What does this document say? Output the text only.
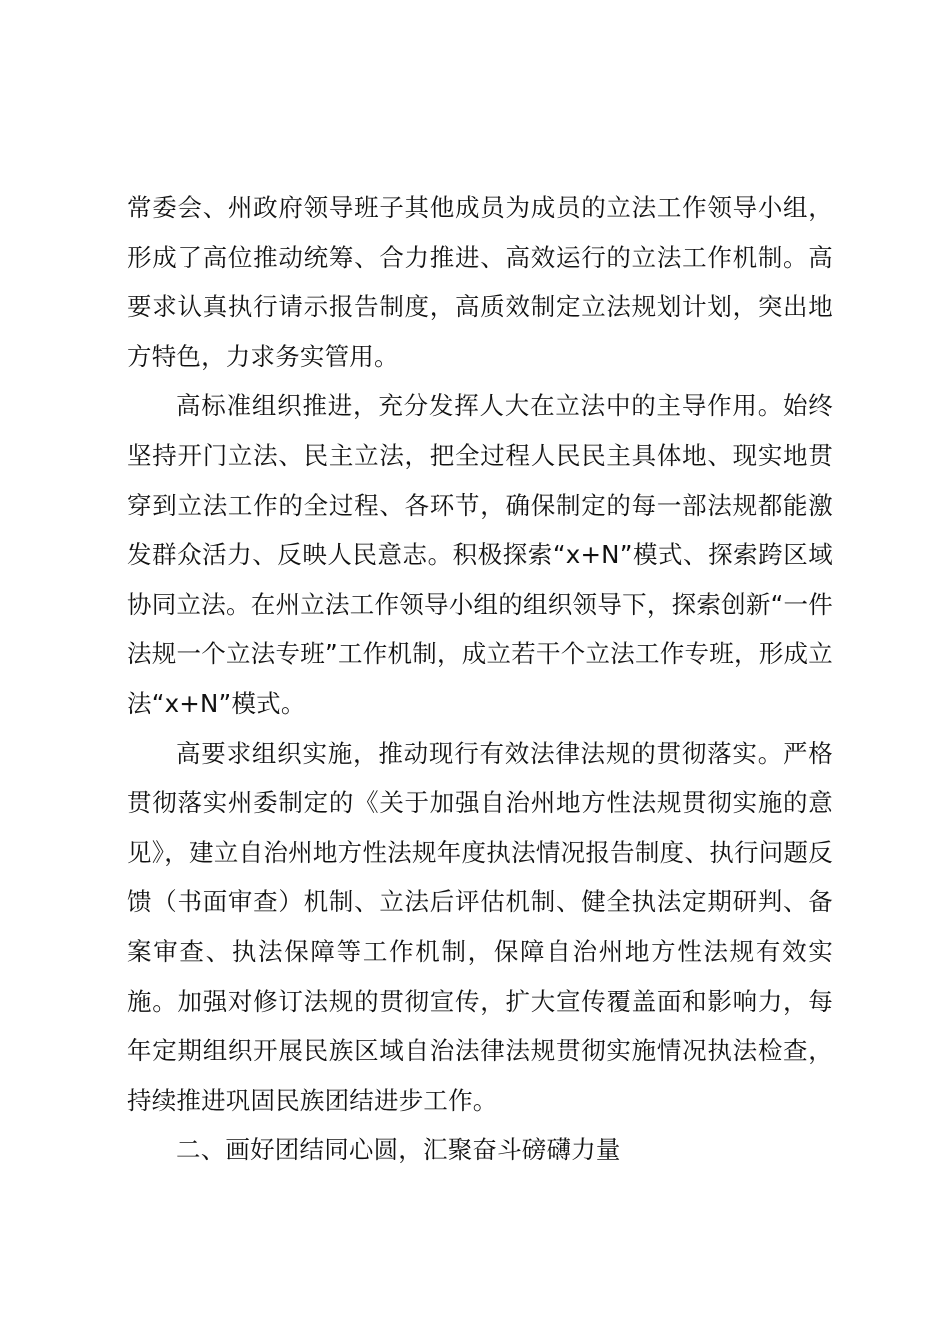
常委会、州政府领导班子其他成员为成员的立法工作领导小组，形成了高位推动统筹、合力推进、高效运行的立法工作机制。高要求认真执行请示报告制度，高质效制定立法规划计划，突出地方特色，力求务实管用。

高标准组织推进，充分发挥人大在立法中的主导作用。始终坚持开门立法、民主立法，把全过程人民民主具体地、现实地贯穿到立法工作的全过程、各环节，确保制定的每一部法规都能激发群众活力、反映人民意志。积极探索“x+N”模式、探索跨区域协同立法。在州立法工作领导小组的组织领导下，探索创新“一件法规一个立法专班”工作机制，成立若干个立法工作专班，形成立法“x+N”模式。

高要求组织实施，推动现行有效法律法规的贯彻落实。严格贯彻落实州委制定的《关于加强自治州地方性法规贯彻实施的意见》，建立自治州地方性法规年度执法情况报告制度、执行问题反馈（书面审查）机制、立法后评估机制、健全执法定期研判、备案审查、执法保障等工作机制，保障自治州地方性法规有效实施。加强对修订法规的贯彻宣传，扩大宣传覆盖面和影响力，每年定期组织开展民族区域自治法律法规贯彻实施情况执法检查，持续推进巩固民族团结进步工作。

二、画好团结同心圆，汇聚奋斗磅礴力量
